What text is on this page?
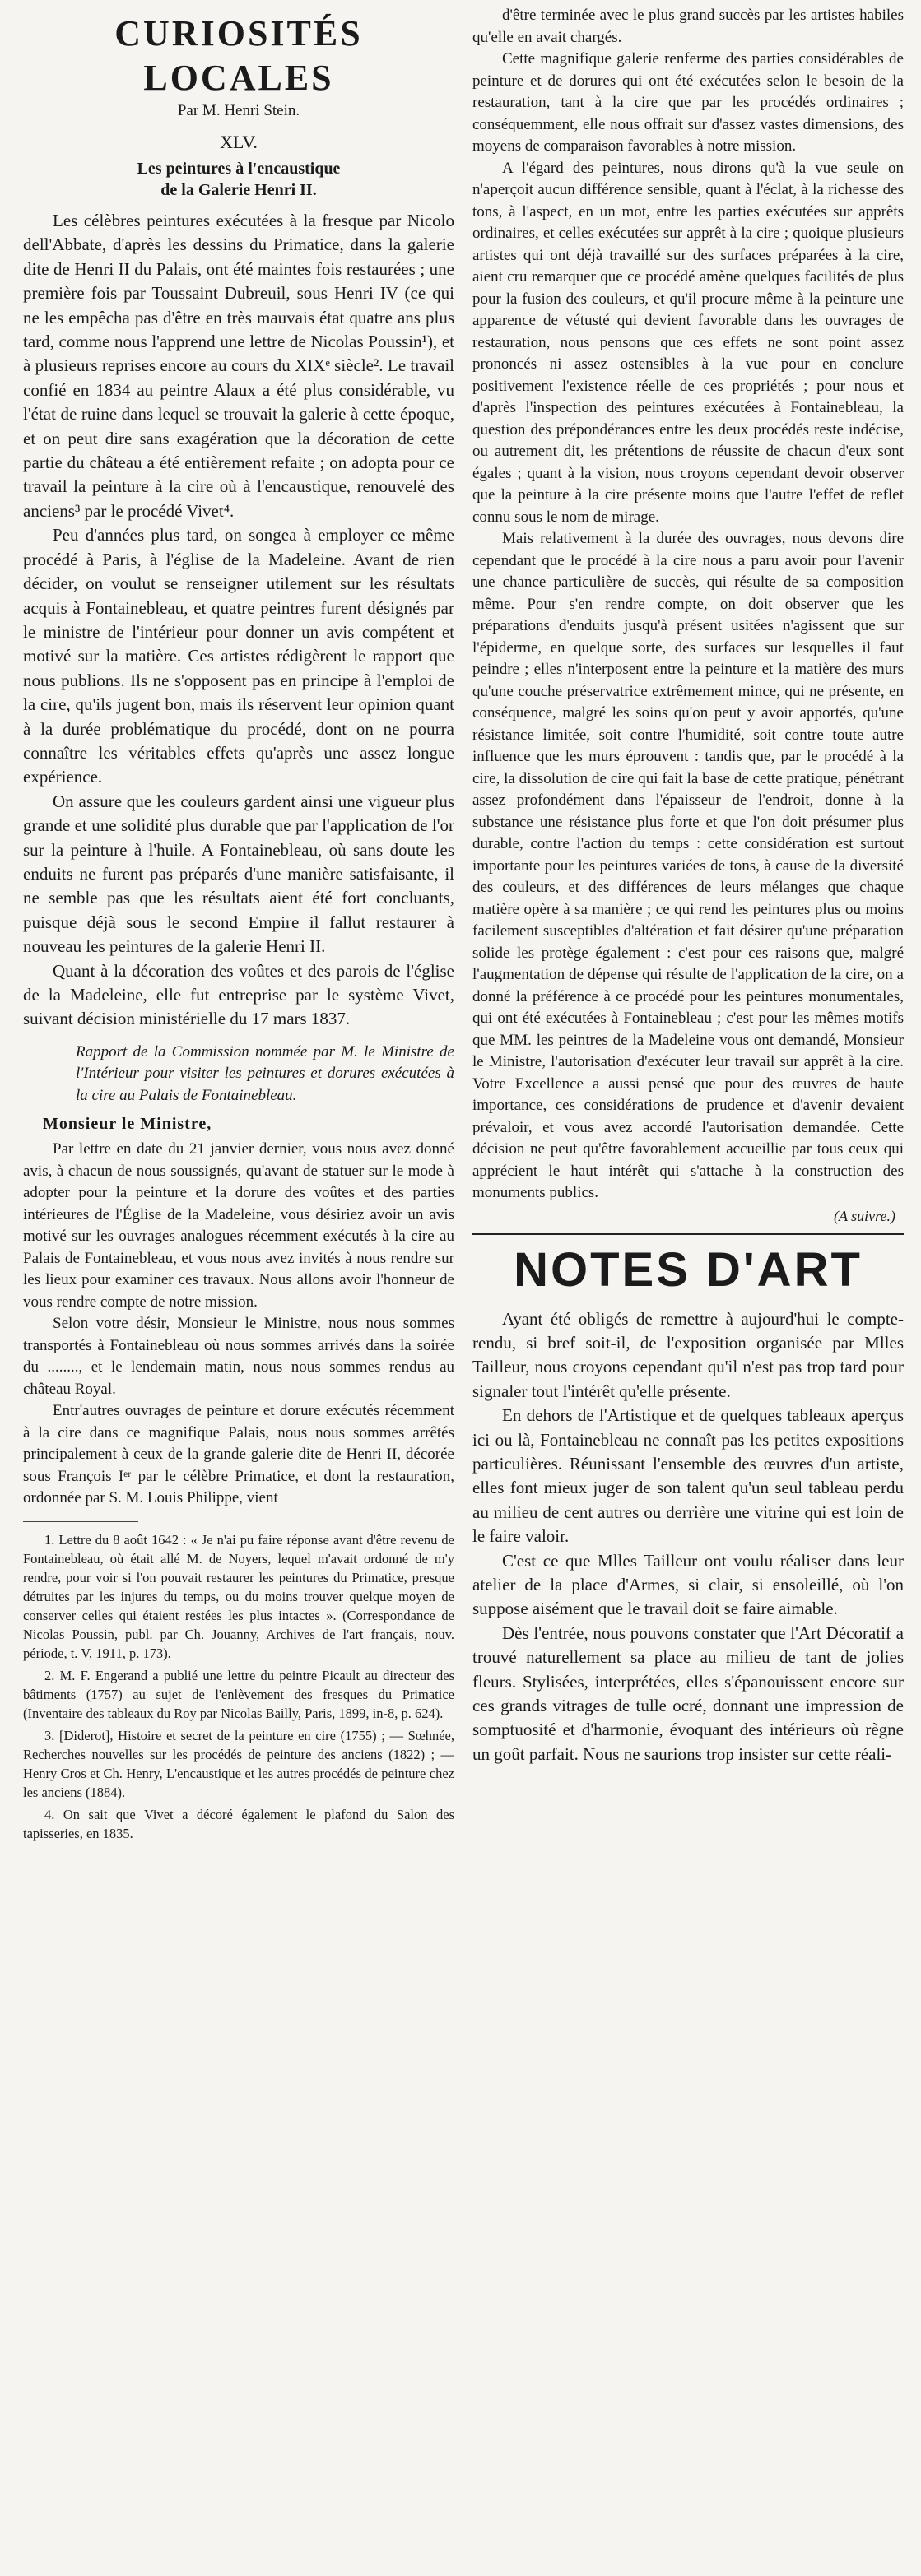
CURIOSITÉS LOCALES
Par M. Henri Stein.
XLV.
Les peintures à l'encaustique
de la Galerie Henri II.

Les célèbres peintures exécutées à la fresque par Nicolo dell'Abbate, d'après les dessins du Primatice, dans la galerie dite de Henri II du Palais, ont été maintes fois restaurées ; une première fois par Toussaint Dubreuil, sous Henri IV (ce qui ne les empêcha pas d'être en très mauvais état quatre ans plus tard, comme nous l'apprend une lettre de Nicolas Poussin¹), et à plusieurs reprises encore au cours du XIXᵉ siècle². Le travail confié en 1834 au peintre Alaux a été plus considérable, vu l'état de ruine dans lequel se trouvait la galerie à cette époque, et on peut dire sans exagération que la décoration de cette partie du château a été entièrement refaite ; on adopta pour ce travail la peinture à la cire où à l'encaustique, renouvelé des anciens³ par le procédé Vivet⁴.

Peu d'années plus tard, on songea à employer ce même procédé à Paris, à l'église de la Madeleine. Avant de rien décider, on voulut se renseigner utilement sur les résultats acquis à Fontainebleau, et quatre peintres furent désignés par le ministre de l'intérieur pour donner un avis compétent et motivé sur la matière. Ces artistes rédigèrent le rapport que nous publions. Ils ne s'opposent pas en principe à l'emploi de la cire, qu'ils jugent bon, mais ils réservent leur opinion quant à la durée problématique du procédé, dont on ne pourra connaître les véritables effets qu'après une assez longue expérience.

On assure que les couleurs gardent ainsi une vigueur plus grande et une solidité plus durable que par l'application de l'or sur la peinture à l'huile. A Fontainebleau, où sans doute les enduits ne furent pas préparés d'une manière satisfaisante, il ne semble pas que les résultats aient été fort concluants, puisque déjà sous le second Empire il fallut restaurer à nouveau les peintures de la galerie Henri II.

Quant à la décoration des voûtes et des parois de l'église de la Madeleine, elle fut entreprise par le système Vivet, suivant décision ministérielle du 17 mars 1837.

Rapport de la Commission nommée par M. le Ministre de l'Intérieur pour visiter les peintures et dorures exécutées à la cire au Palais de Fontainebleau.
Monsieur le Ministre,

Par lettre en date du 21 janvier dernier, vous nous avez donné avis, à chacun de nous soussignés, qu'avant de statuer sur le mode à adopter pour la peinture et la dorure des voûtes et des parties intérieures de l'Église de la Madeleine, vous désiriez avoir un avis motivé sur les ouvrages analogues récemment exécutés à la cire au Palais de Fontainebleau, et vous nous avez invités à nous rendre sur les lieux pour examiner ces travaux. Nous allons avoir l'honneur de vous rendre compte de notre mission.

Selon votre désir, Monsieur le Ministre, nous nous sommes transportés à Fontainebleau où nous sommes arrivés dans la soirée du ........, et le lendemain matin, nous nous sommes rendus au château Royal.

Entr'autres ouvrages de peinture et dorure exécutés récemment à la cire dans ce magnifique Palais, nous nous sommes arrêtés principalement à ceux de la grande galerie dite de Henri II, décorée sous François Iᵉʳ par le célèbre Primatice, et dont la restauration, ordonnée par S. M. Louis Philippe, vient

1. Lettre du 8 août 1642 : « Je n'ai pu faire réponse avant d'être revenu de Fontainebleau, où était allé M. de Noyers, lequel m'avait ordonné de m'y rendre, pour voir si l'on pouvait restaurer les peintures du Primatice, presque détruites par les injures du temps, ou du moins trouver quelque moyen de conserver celles qui étaient restées les plus intactes ». (Correspondance de Nicolas Poussin, publ. par Ch. Jouanny, Archives de l'art français, nouv. période, t. V, 1911, p. 173).

2. M. F. Engerand a publié une lettre du peintre Picault au directeur des bâtiments (1757) au sujet de l'enlèvement des fresques du Primatice (Inventaire des tableaux du Roy par Nicolas Bailly, Paris, 1899, in-8, p. 624).

3. [Diderot], Histoire et secret de la peinture en cire (1755) ; — Sœhnée, Recherches nouvelles sur les procédés de peinture des anciens (1822) ; — Henry Cros et Ch. Henry, L'encaustique et les autres procédés de peinture chez les anciens (1884).

4. On sait que Vivet a décoré également le plafond du Salon des tapisseries, en 1835.

d'être terminée avec le plus grand succès par les artistes habiles qu'elle en avait chargés.

Cette magnifique galerie renferme des parties considérables de peinture et de dorures qui ont été exécutées selon le besoin de la restauration, tant à la cire que par les procédés ordinaires ; conséquemment, elle nous offrait sur d'assez vastes dimensions, des moyens de comparaison favorables à notre mission.

A l'égard des peintures, nous dirons qu'à la vue seule on n'aperçoit aucun différence sensible, quant à l'éclat, à la richesse des tons, à l'aspect, en un mot, entre les parties exécutées sur apprêts ordinaires, et celles exécutées sur apprêt à la cire ; quoique plusieurs artistes qui ont déjà travaillé sur des surfaces préparées à la cire, aient cru remarquer que ce procédé amène quelques facilités de plus pour la fusion des couleurs, et qu'il procure même à la peinture une apparence de vétusté qui devient favorable dans les ouvrages de restauration, nous pensons que ces effets ne sont point assez prononcés ni assez ostensibles à la vue pour en conclure positivement l'existence réelle de ces propriétés ; pour nous et d'après l'inspection des peintures exécutées à Fontainebleau, la question des prépondérances entre les deux procédés reste indécise, ou autrement dit, les prétentions de réussite de chacun d'eux sont égales ; quant à la vision, nous croyons cependant devoir observer que la peinture à la cire présente moins que l'autre l'effet de reflet connu sous le nom de mirage.

Mais relativement à la durée des ouvrages, nous devons dire cependant que le procédé à la cire nous a paru avoir pour l'avenir une chance particulière de succès, qui résulte de sa composition même. Pour s'en rendre compte, on doit observer que les préparations d'enduits jusqu'à présent usitées n'agissent que sur l'épiderme, en quelque sorte, des surfaces sur lesquelles il faut peindre ; elles n'interposent entre la peinture et la matière des murs qu'une couche préservatrice extrêmement mince, qui ne présente, en conséquence, malgré les soins qu'on peut y avoir apportés, qu'une résistance limitée, soit contre l'humidité, soit contre toute autre influence que les murs éprouvent : tandis que, par le procédé à la cire, la dissolution de cire qui fait la base de cette pratique, pénétrant assez profondément dans l'épaisseur de l'endroit, donne à la substance une résistance plus forte et que l'on doit présumer plus durable, contre l'action du temps : cette considération est surtout importante pour les peintures variées de tons, à cause de la diversité des couleurs, et des différences de leurs mélanges que chaque matière opère à sa manière ; ce qui rend les peintures plus ou moins facilement susceptibles d'altération et fait désirer qu'une préparation solide les protège également : c'est pour ces raisons que, malgré l'augmentation de dépense qui résulte de l'application de la cire, on a donné la préférence à ce procédé pour les peintures monumentales, qui ont été exécutées à Fontainebleau ; c'est pour les mêmes motifs que MM. les peintres de la Madeleine vous ont demandé, Monsieur le Ministre, l'autorisation d'exécuter leur travail sur apprêt à la cire. Votre Excellence a aussi pensé que pour des œuvres de haute importance, ces considérations de prudence et d'avenir devaient prévaloir, et vous avez accordé l'autorisation demandée. Cette décision ne peut qu'être favorablement accueillie par tous ceux qui apprécient le haut intérêt qui s'attache à la construction des monuments publics.

(A suivre.)
NOTES D'ART

Ayant été obligés de remettre à aujourd'hui le compte-rendu, si bref soit-il, de l'exposition organisée par Mlles Tailleur, nous croyons cependant qu'il n'est pas trop tard pour signaler tout l'intérêt qu'elle présente.

En dehors de l'Artistique et de quelques tableaux aperçus ici ou là, Fontainebleau ne connaît pas les petites expositions particulières. Réunissant l'ensemble des œuvres d'un artiste, elles font mieux juger de son talent qu'un seul tableau perdu au milieu de cent autres ou derrière une vitrine qui est loin de le faire valoir.

C'est ce que Mlles Tailleur ont voulu réaliser dans leur atelier de la place d'Armes, si clair, si ensoleillé, où l'on suppose aisément que le travail doit se faire aimable.

Dès l'entrée, nous pouvons constater que l'Art Décoratif a trouvé naturellement sa place au milieu de tant de jolies fleurs. Stylisées, interprétées, elles s'épanouissent encore sur ces grands vitrages de tulle ocré, donnant une impression de somptuosité et d'harmonie, évoquant des intérieurs où règne un goût parfait. Nous ne saurions trop insister sur cette réali-
